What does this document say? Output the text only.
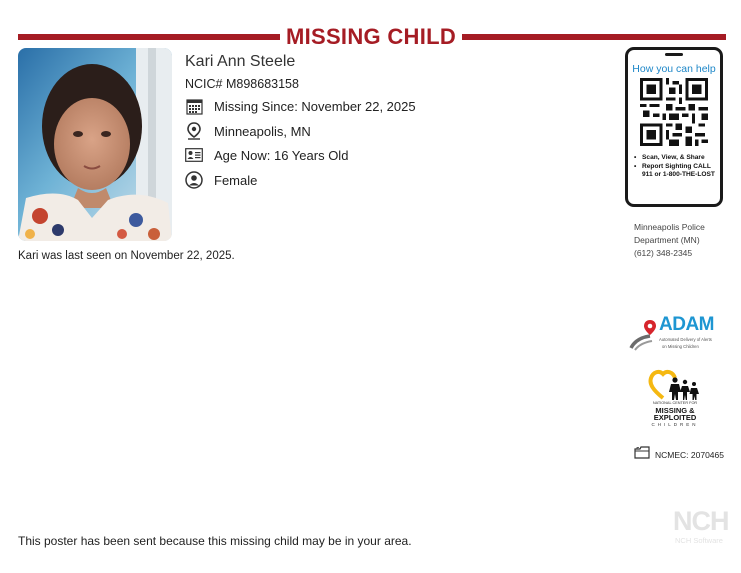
MISSING CHILD
Kari Ann Steele
NCIC# M898683158
Missing Since: November 22, 2025
Minneapolis, MN
Age Now: 16 Years Old
Female
Kari was last seen on November 22, 2025.
How you can help
• Scan, View, & Share
• Report Sighting CALL 911 or 1-800-THE-LOST
Minneapolis Police
Department (MN)
(612) 348-2345
ADAM
Automated Delivery of Alerts
on Missing Children
NATIONAL CENTER FOR
MISSING &
EXPLOITED
CHILDREN
NCMEC: 2070465
This poster has been sent because this missing child may be in your area.
NCH
NCH Software
